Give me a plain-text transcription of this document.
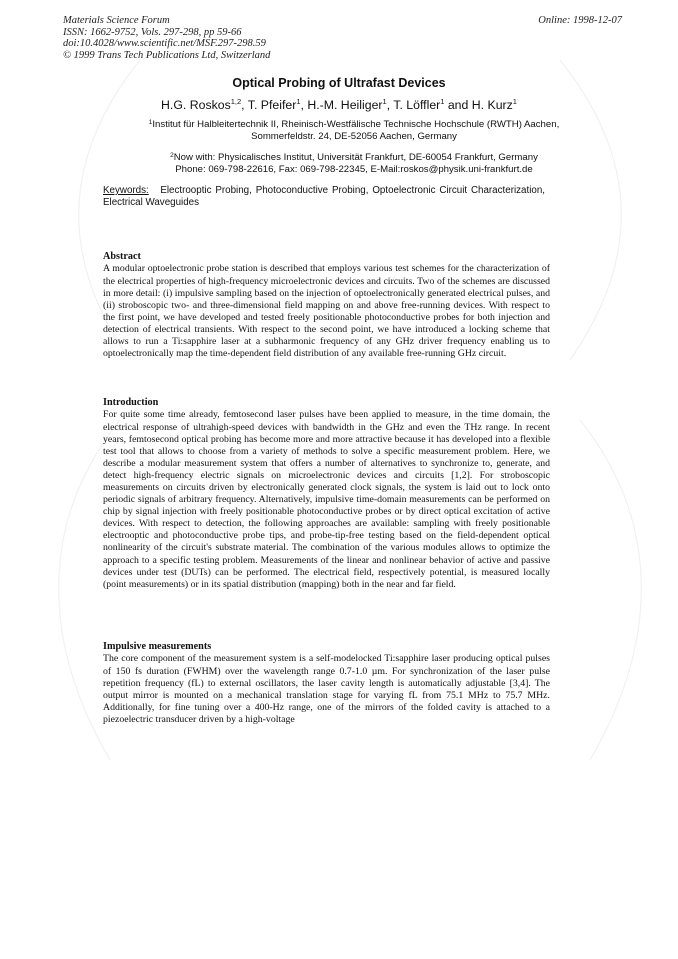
Materials Science Forum
ISSN: 1662-9752, Vols. 297-298, pp 59-66
doi:10.4028/www.scientific.net/MSF.297-298.59
© 1999 Trans Tech Publications Ltd, Switzerland
Online: 1998-12-07
Optical Probing of Ultrafast Devices
H.G. Roskos$^{1,2}$, T. Pfeifer$^1$, H.-M. Heiliger$^1$, T. Löffler$^1$ and H. Kurz$^1$
$^1$Institut für Halbleitertechnik II, Rheinisch-Westfälische Technische Hochschule (RWTH) Aachen,
Sommerfeldstr. 24, DE-52056 Aachen, Germany
$^2$Now with: Physicalisches Institut, Universität Frankfurt, DE-60054 Frankfurt, Germany
Phone: 069-798-22616, Fax: 069-798-22345, E-Mail:roskos@physik.uni-frankfurt.de
Keywords: Electrooptic Probing, Photoconductive Probing, Optoelectronic Circuit Characterization, Electrical Waveguides
Abstract

A modular optoelectronic probe station is described that employs various test schemes for the characterization of the electrical properties of high-frequency microelectronic devices and circuits. Two of the schemes are discussed in more detail: (i) impulsive sampling based on the injection of optoelectronically generated electrical pulses, and (ii) stroboscopic two- and three-dimensional field mapping on and above free-running devices. With respect to the first point, we have developed and tested freely positionable photoconductive probes for both injection and detection of electrical transients. With respect to the second point, we have introduced a locking scheme that allows to run a Ti:sapphire laser at a subharmonic frequency of any GHz driver frequency enabling us to optoelectronically map the time-dependent field distribution of any available free-running GHz circuit.

Introduction

For quite some time already, femtosecond laser pulses have been applied to measure, in the time domain, the electrical response of ultrahigh-speed devices with bandwidth in the GHz and even the THz range. In recent years, femtosecond optical probing has become more and more attractive because it has developed into a flexible test tool that allows to choose from a variety of methods to solve a specific measurement problem. Here, we describe a modular measurement system that offers a number of alternatives to synchronize to, generate, and detect high-frequency electric signals on microelectronic devices and circuits [1,2]. For stroboscopic measurements on circuits driven by electronically generated clock signals, the system is laid out to lock onto periodic signals of arbitrary frequency. Alternatively, impulsive time-domain measurements can be performed on chip by signal injection with freely positionable photoconductive probes or by direct optical excitation of active devices. With respect to detection, the following approaches are available: sampling with freely positionable electrooptic and photoconductive probe tips, and probe-tip-free testing based on the field-dependent optical nonlinearity of the circuit's substrate material. The combination of the various modules allows to optimize the approach to a specific testing problem. Measurements of the linear and nonlinear behavior of active and passive devices under test (DUTs) can be performed. The electrical field, respectively potential, is measured locally (point measurements) or in its spatial distribution (mapping) both in the near and far field.

Impulsive measurements

The core component of the measurement system is a self-modelocked Ti:sapphire laser producing optical pulses of 150 fs duration (FWHM) over the wavelength range 0.7-1.0 µm. For synchronization of the laser pulse repetition frequency (fL) to external oscillators, the laser cavity length is automatically adjustable [3,4]. The output mirror is mounted on a mechanical translation stage for varying fL from 75.1 MHz to 75.7 MHz. Additionally, for fine tuning over a 400-Hz range, one of the mirrors of the folded cavity is attached to a piezoelectric transducer driven by a high-voltage
